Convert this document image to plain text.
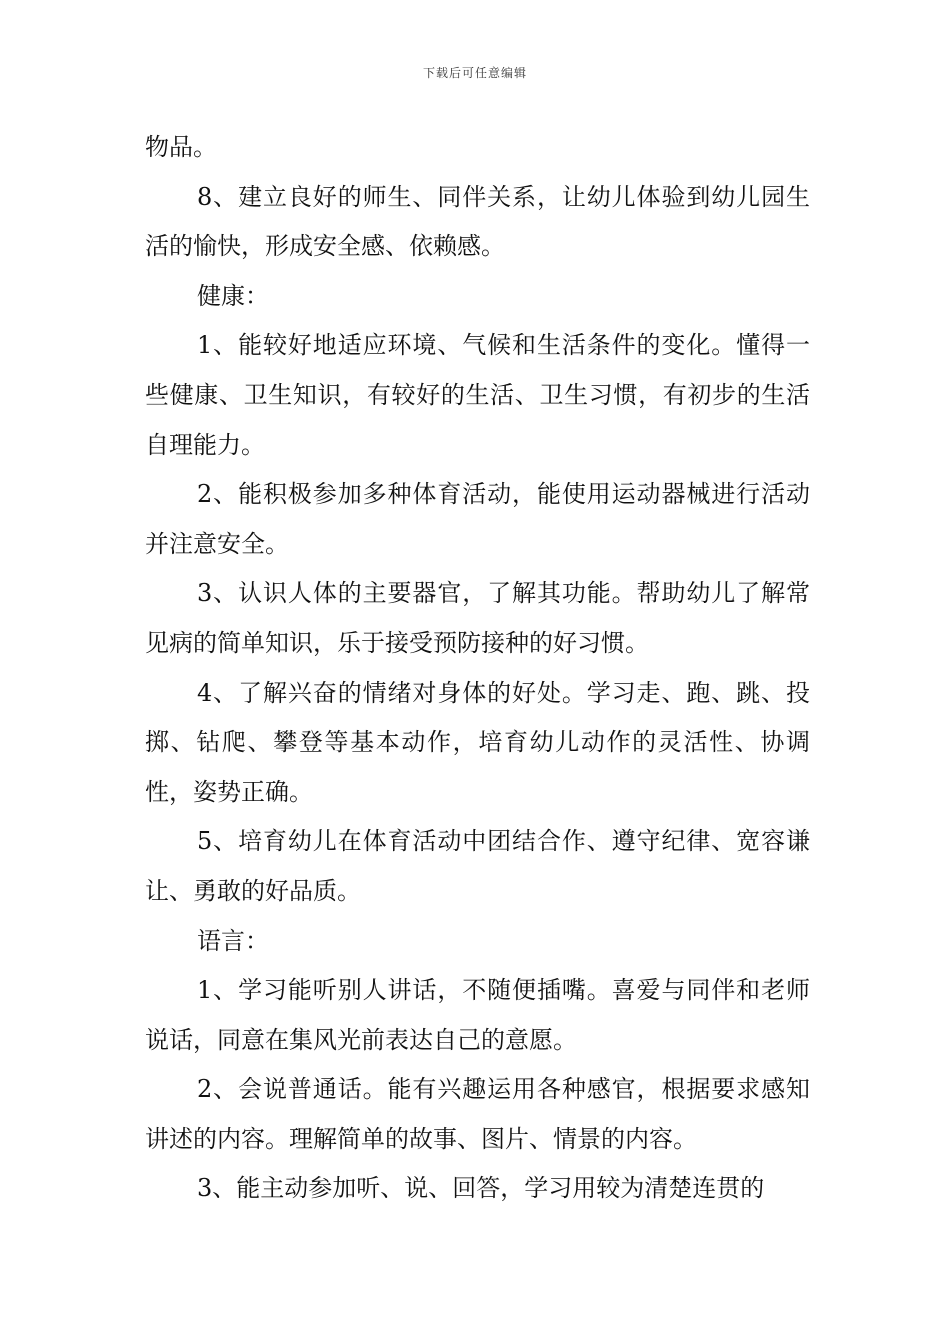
下载后可任意编辑

物品。

8、建立良好的师生、同伴关系，让幼儿体验到幼儿园生活的愉快，形成安全感、依赖感。

健康：

1、能较好地适应环境、气候和生活条件的变化。懂得一些健康、卫生知识，有较好的生活、卫生习惯，有初步的生活自理能力。

2、能积极参加多种体育活动，能使用运动器械进行活动并注意安全。

3、认识人体的主要器官，了解其功能。帮助幼儿了解常见病的简单知识，乐于接受预防接种的好习惯。

4、了解兴奋的情绪对身体的好处。学习走、跑、跳、投掷、钻爬、攀登等基本动作，培育幼儿动作的灵活性、协调性，姿势正确。

5、培育幼儿在体育活动中团结合作、遵守纪律、宽容谦让、勇敢的好品质。

语言：

1、学习能听别人讲话，不随便插嘴。喜爱与同伴和老师说话，同意在集风光前表达自己的意愿。

2、会说普通话。能有兴趣运用各种感官，根据要求感知讲述的内容。理解简单的故事、图片、情景的内容。

3、能主动参加听、说、回答，学习用较为清楚连贯的
